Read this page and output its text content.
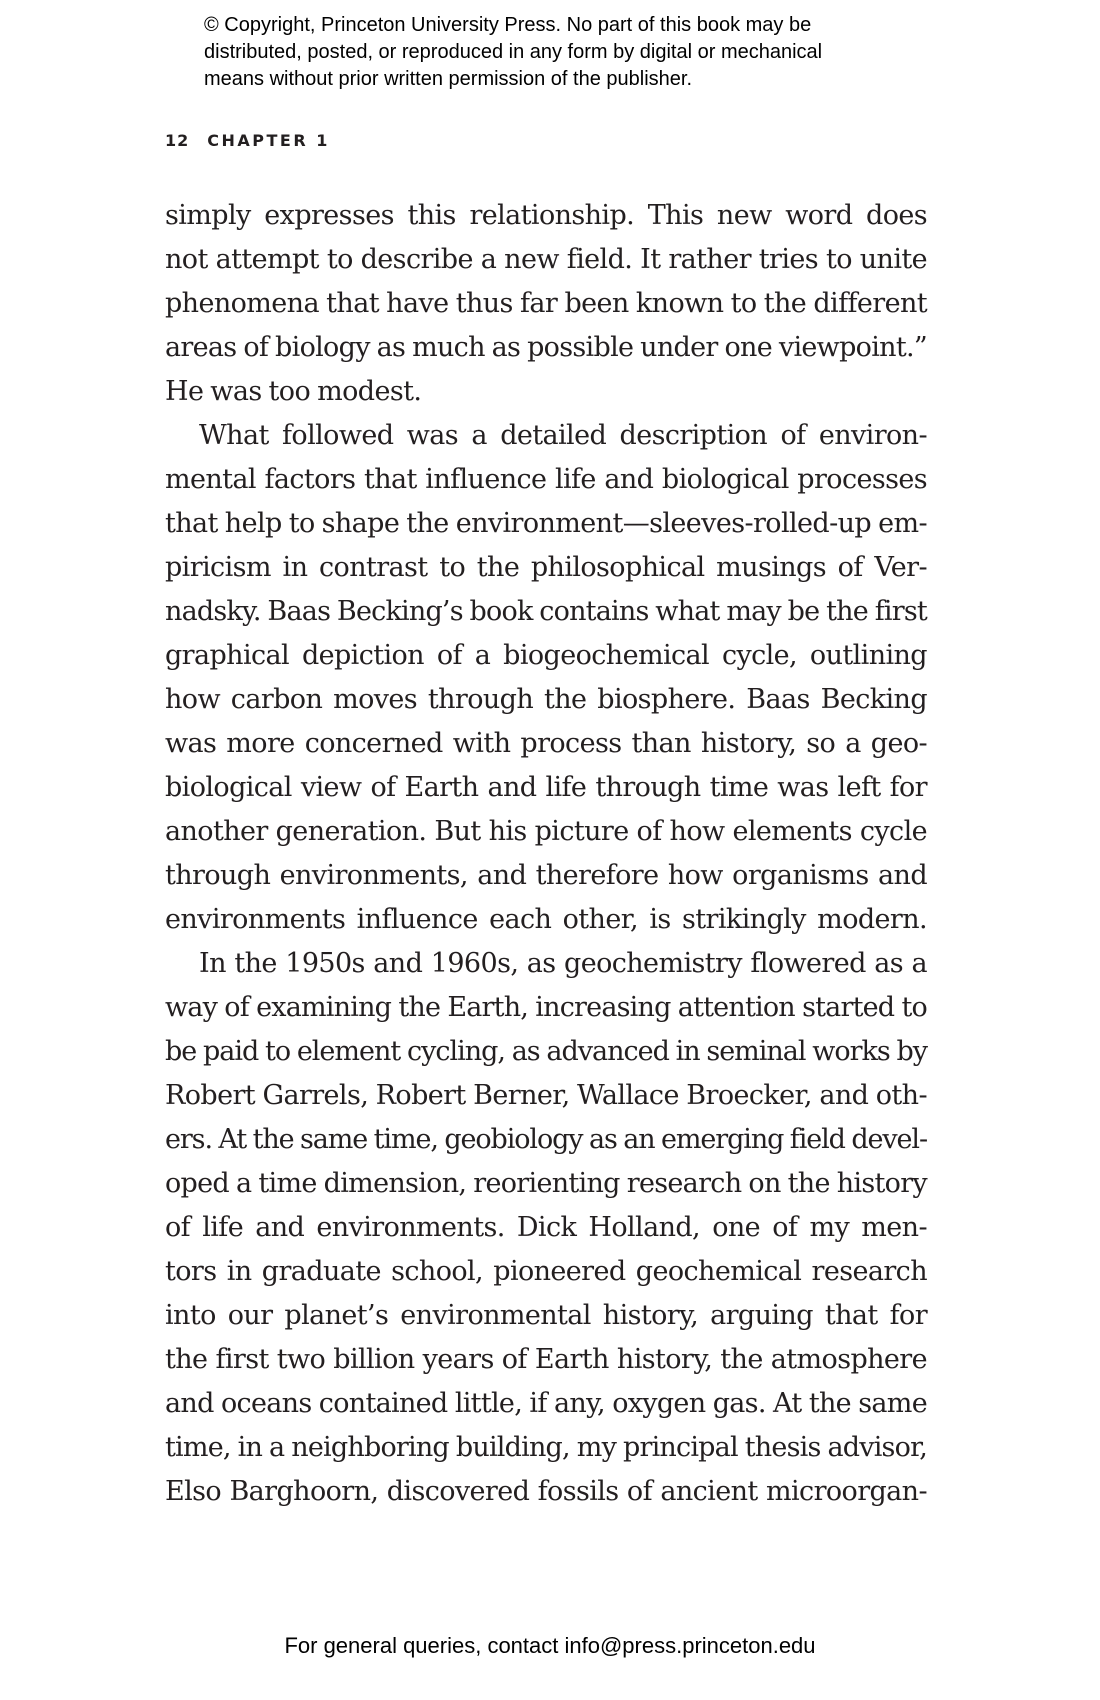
© Copyright, Princeton University Press. No part of this book may be
distributed, posted, or reproduced in any form by digital or mechanical
means without prior written permission of the publisher.
12 CHAPTER 1
simply expresses this relationship. This new word does
not attempt to describe a new field. It rather tries to unite
phenomena that have thus far been known to the different
areas of biology as much as possible under one viewpoint.”
He was too modest.
What followed was a detailed description of environ-
mental factors that influence life and biological processes
that help to shape the environment—sleeves-rolled-up em-
piricism in contrast to the philosophical musings of Ver-
nadsky. Baas Becking’s book contains what may be the first
graphical depiction of a biogeochemical cycle, outlining
how carbon moves through the biosphere. Baas Becking
was more concerned with process than history, so a geo-
biological view of Earth and life through time was left for
another generation. But his picture of how elements cycle
through environments, and therefore how organisms and
environments influence each other, is strikingly modern.
In the 1950s and 1960s, as geochemistry flowered as a
way of examining the Earth, increasing attention started to
be paid to element cycling, as advanced in seminal works by
Robert Garrels, Robert Berner, Wallace Broecker, and oth-
ers. At the same time, geobiology as an emerging field devel-
oped a time dimension, reorienting research on the history
of life and environments. Dick Holland, one of my men-
tors in graduate school, pioneered geochemical research
into our planet’s environmental history, arguing that for
the first two billion years of Earth history, the atmosphere
and oceans contained little, if any, oxygen gas. At the same
time, in a neighboring building, my principal thesis advisor,
Elso Barghoorn, discovered fossils of ancient microorgan-
For general queries, contact info@press.princeton.edu
